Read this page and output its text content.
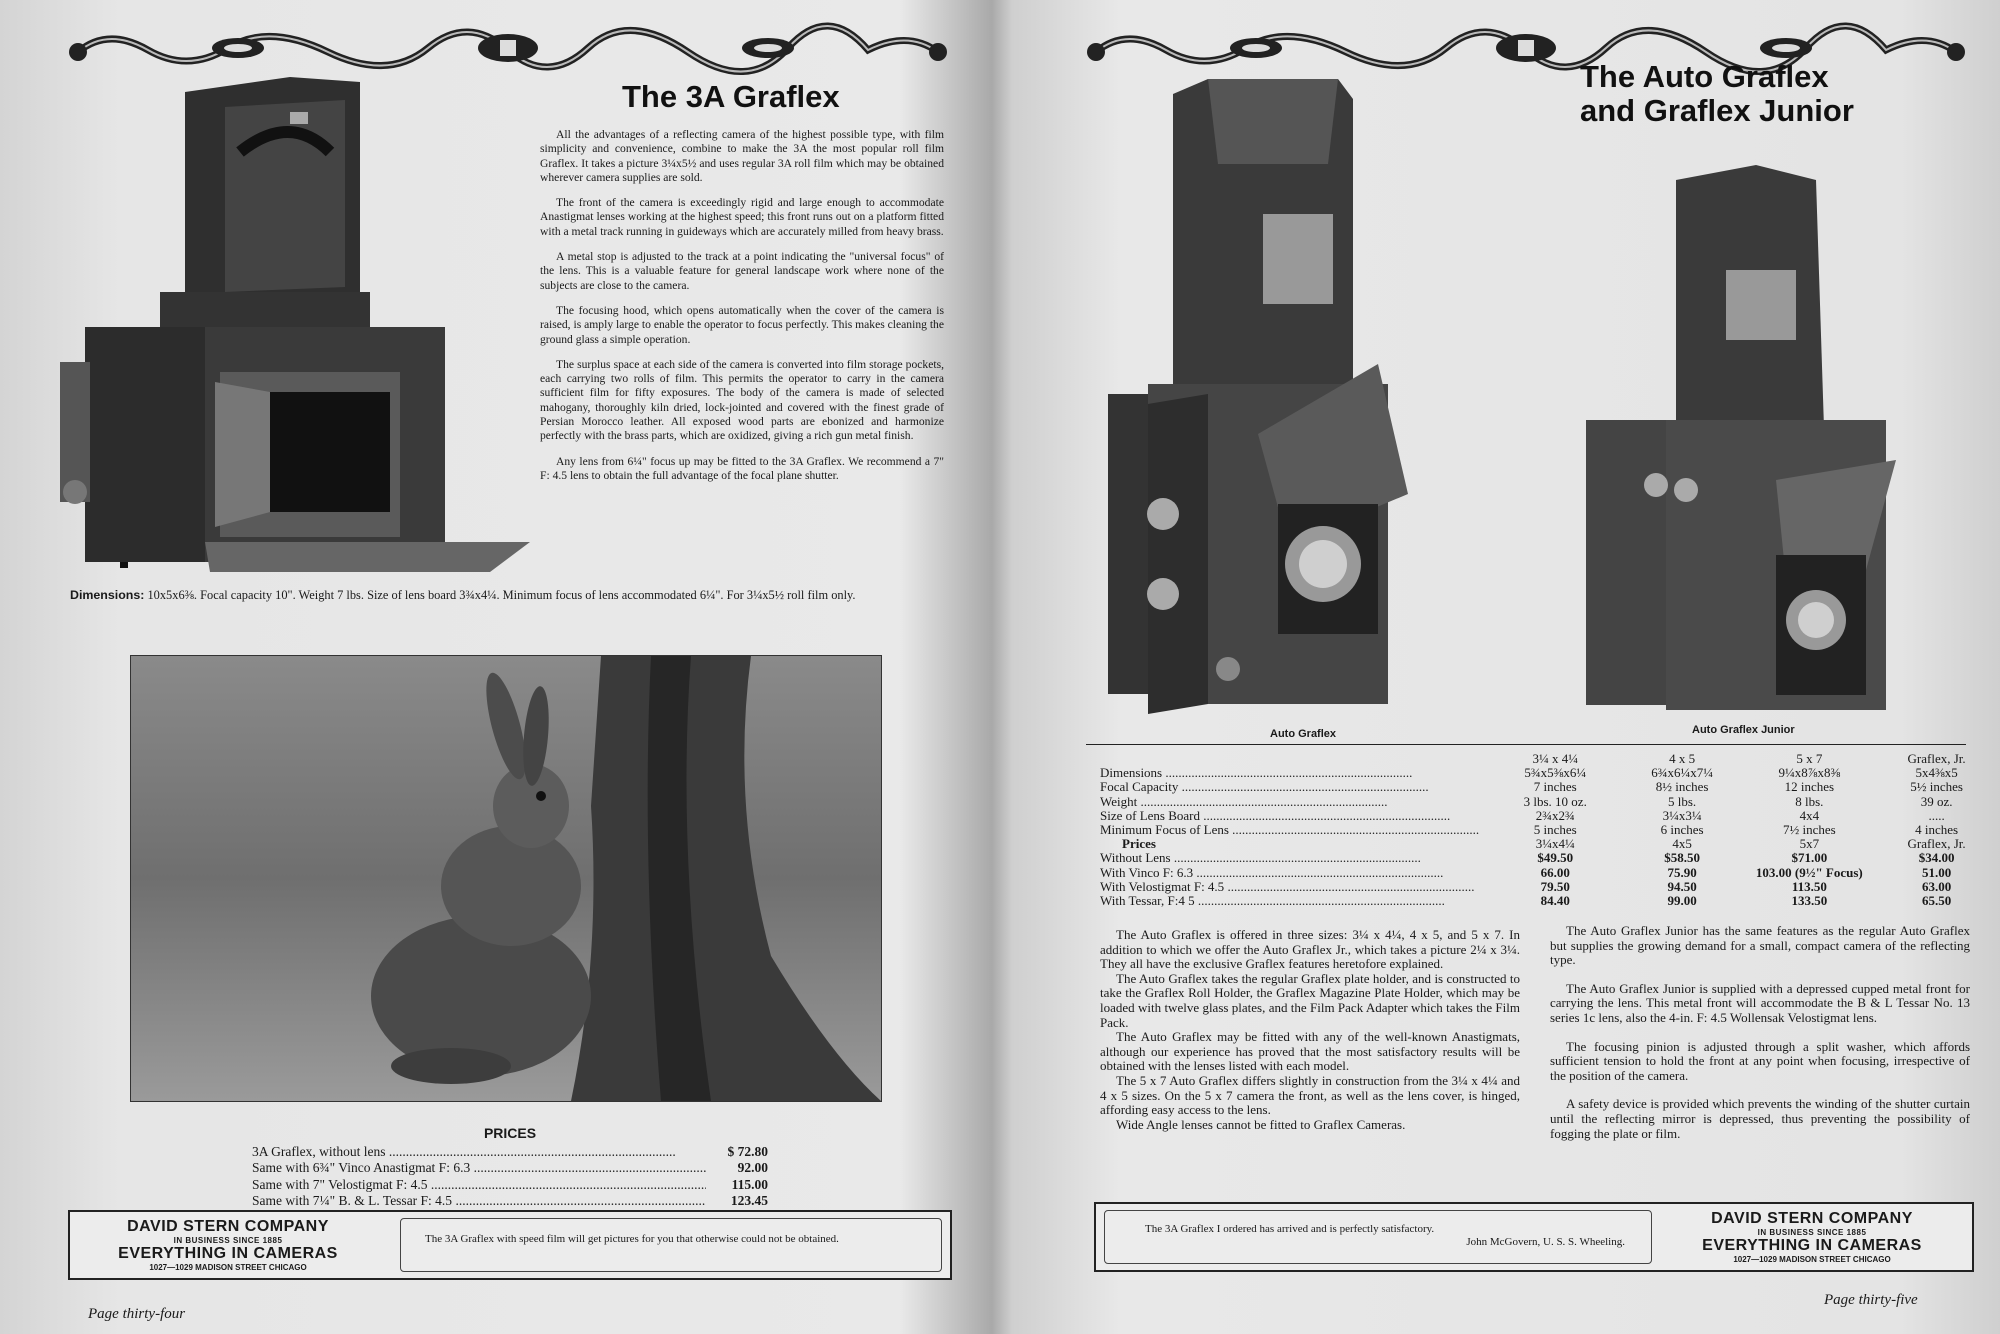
The 3A Graflex

All the advantages of a reflecting camera of the highest possible type, with film simplicity and convenience, combine to make the 3A the most popular roll film Graflex. It takes a picture 3¼x5½ and uses regular 3A roll film which may be obtained wherever camera supplies are sold.

The front of the camera is exceedingly rigid and large enough to accommodate Anastigmat lenses working at the highest speed; this front runs out on a platform fitted with a metal track running in guideways which are accurately milled from heavy brass.

A metal stop is adjusted to the track at a point indicating the "universal focus" of the lens. This is a valuable feature for general landscape work where none of the subjects are close to the camera.

The focusing hood, which opens automatically when the cover of the camera is raised, is amply large to enable the operator to focus perfectly. This makes cleaning the ground glass a simple operation.

The surplus space at each side of the camera is converted into film storage pockets, each carrying two rolls of film. This permits the operator to carry in the camera sufficient film for fifty exposures. The body of the camera is made of selected mahogany, thoroughly kiln dried, lock-jointed and covered with the finest grade of Persian Morocco leather. All exposed wood parts are ebonized and harmonize perfectly with the brass parts, which are oxidized, giving a rich gun metal finish.

Any lens from 6¼" focus up may be fitted to the 3A Graflex. We recommend a 7" F: 4.5 lens to obtain the full advantage of the focal plane shutter.

Dimensions: 10x5x6⅜. Focal capacity 10". Weight 7 lbs. Size of lens board 3¾x4¼. Minimum focus of lens accommodated 6¼". For 3¼x5½ roll film only.
PRICES
3A Graflex, without lens .....	$ 72.80
Same with 6¾" Vinco Anastigmat F: 6.3 .....	92.00
Same with 7" Velostigmat F: 4.5 .....	115.00
Same with 7¼" B. & L. Tessar F: 4.5 .....	123.45
DAVID STERN COMPANY
IN BUSINESS SINCE 1885
EVERYTHING IN CAMERAS
1027—1029 MADISON STREET CHICAGO
The 3A Graflex with speed film will get pictures for you that otherwise could not be obtained.
Page thirty-four
The Auto Graflex
and Graflex Junior
Auto Graflex	Auto Graflex Junior
	3¼ x 4¼	4 x 5	5 x 7	Graflex, Jr.
Dimensions .....	5¾x5⅜x6¼	6¾x6¼x7¼	9¼x8⅞x8⅜	5x4⅜x5
Focal Capacity .....	7 inches	8½ inches	12 inches	5½ inches
Weight .....	3 lbs. 10 oz.	5 lbs.	8 lbs.	39 oz.
Size of Lens Board .....	2¾x2¾	3¼x3¼	4x4	.....
Minimum Focus of Lens .....	5 inches	6 inches	7½ inches	4 inches
Prices	3¼x4¼	4x5	5x7	Graflex, Jr.
Without Lens .....	$49.50	$58.50	$71.00	$34.00
With Vinco F: 6.3 .....	66.00	75.90	103.00 (9½" Focus)	51.00
With Velostigmat F: 4.5 .....	79.50	94.50	113.50	63.00
With Tessar, F:4 5 .....	84.40	99.00	133.50	65.50

The Auto Graflex is offered in three sizes: 3¼ x 4¼, 4 x 5, and 5 x 7. In addition to which we offer the Auto Graflex Jr., which takes a picture 2¼ x 3¼. They all have the exclusive Graflex features heretofore explained.

The Auto Graflex takes the regular Graflex plate holder, and is constructed to take the Graflex Roll Holder, the Graflex Magazine Plate Holder, which may be loaded with twelve glass plates, and the Film Pack Adapter which takes the Film Pack.

The Auto Graflex may be fitted with any of the well-known Anastigmats, although our experience has proved that the most satisfactory results will be obtained with the lenses listed with each model.

The 5 x 7 Auto Graflex differs slightly in construction from the 3¼ x 4¼ and 4 x 5 sizes. On the 5 x 7 camera the front, as well as the lens cover, is hinged, affording easy access to the lens.

Wide Angle lenses cannot be fitted to Graflex Cameras.

The Auto Graflex Junior has the same features as the regular Auto Graflex but supplies the growing demand for a small, compact camera of the reflecting type.

The Auto Graflex Junior is supplied with a depressed cupped metal front for carrying the lens. This metal front will accommodate the B & L Tessar No. 13 series 1c lens, also the 4-in. F: 4.5 Wollensak Velostigmat lens.

The focusing pinion is adjusted through a split washer, which affords sufficient tension to hold the front at any point when focusing, irrespective of the position of the camera.

A safety device is provided which prevents the winding of the shutter curtain until the reflecting mirror is depressed, thus preventing the possibility of fogging the plate or film.

The 3A Graflex I ordered has arrived and is perfectly satisfactory.
John McGovern, U. S. S. Wheeling.
DAVID STERN COMPANY
IN BUSINESS SINCE 1885
EVERYTHING IN CAMERAS
1027—1029 MADISON STREET CHICAGO
Page thirty-five
